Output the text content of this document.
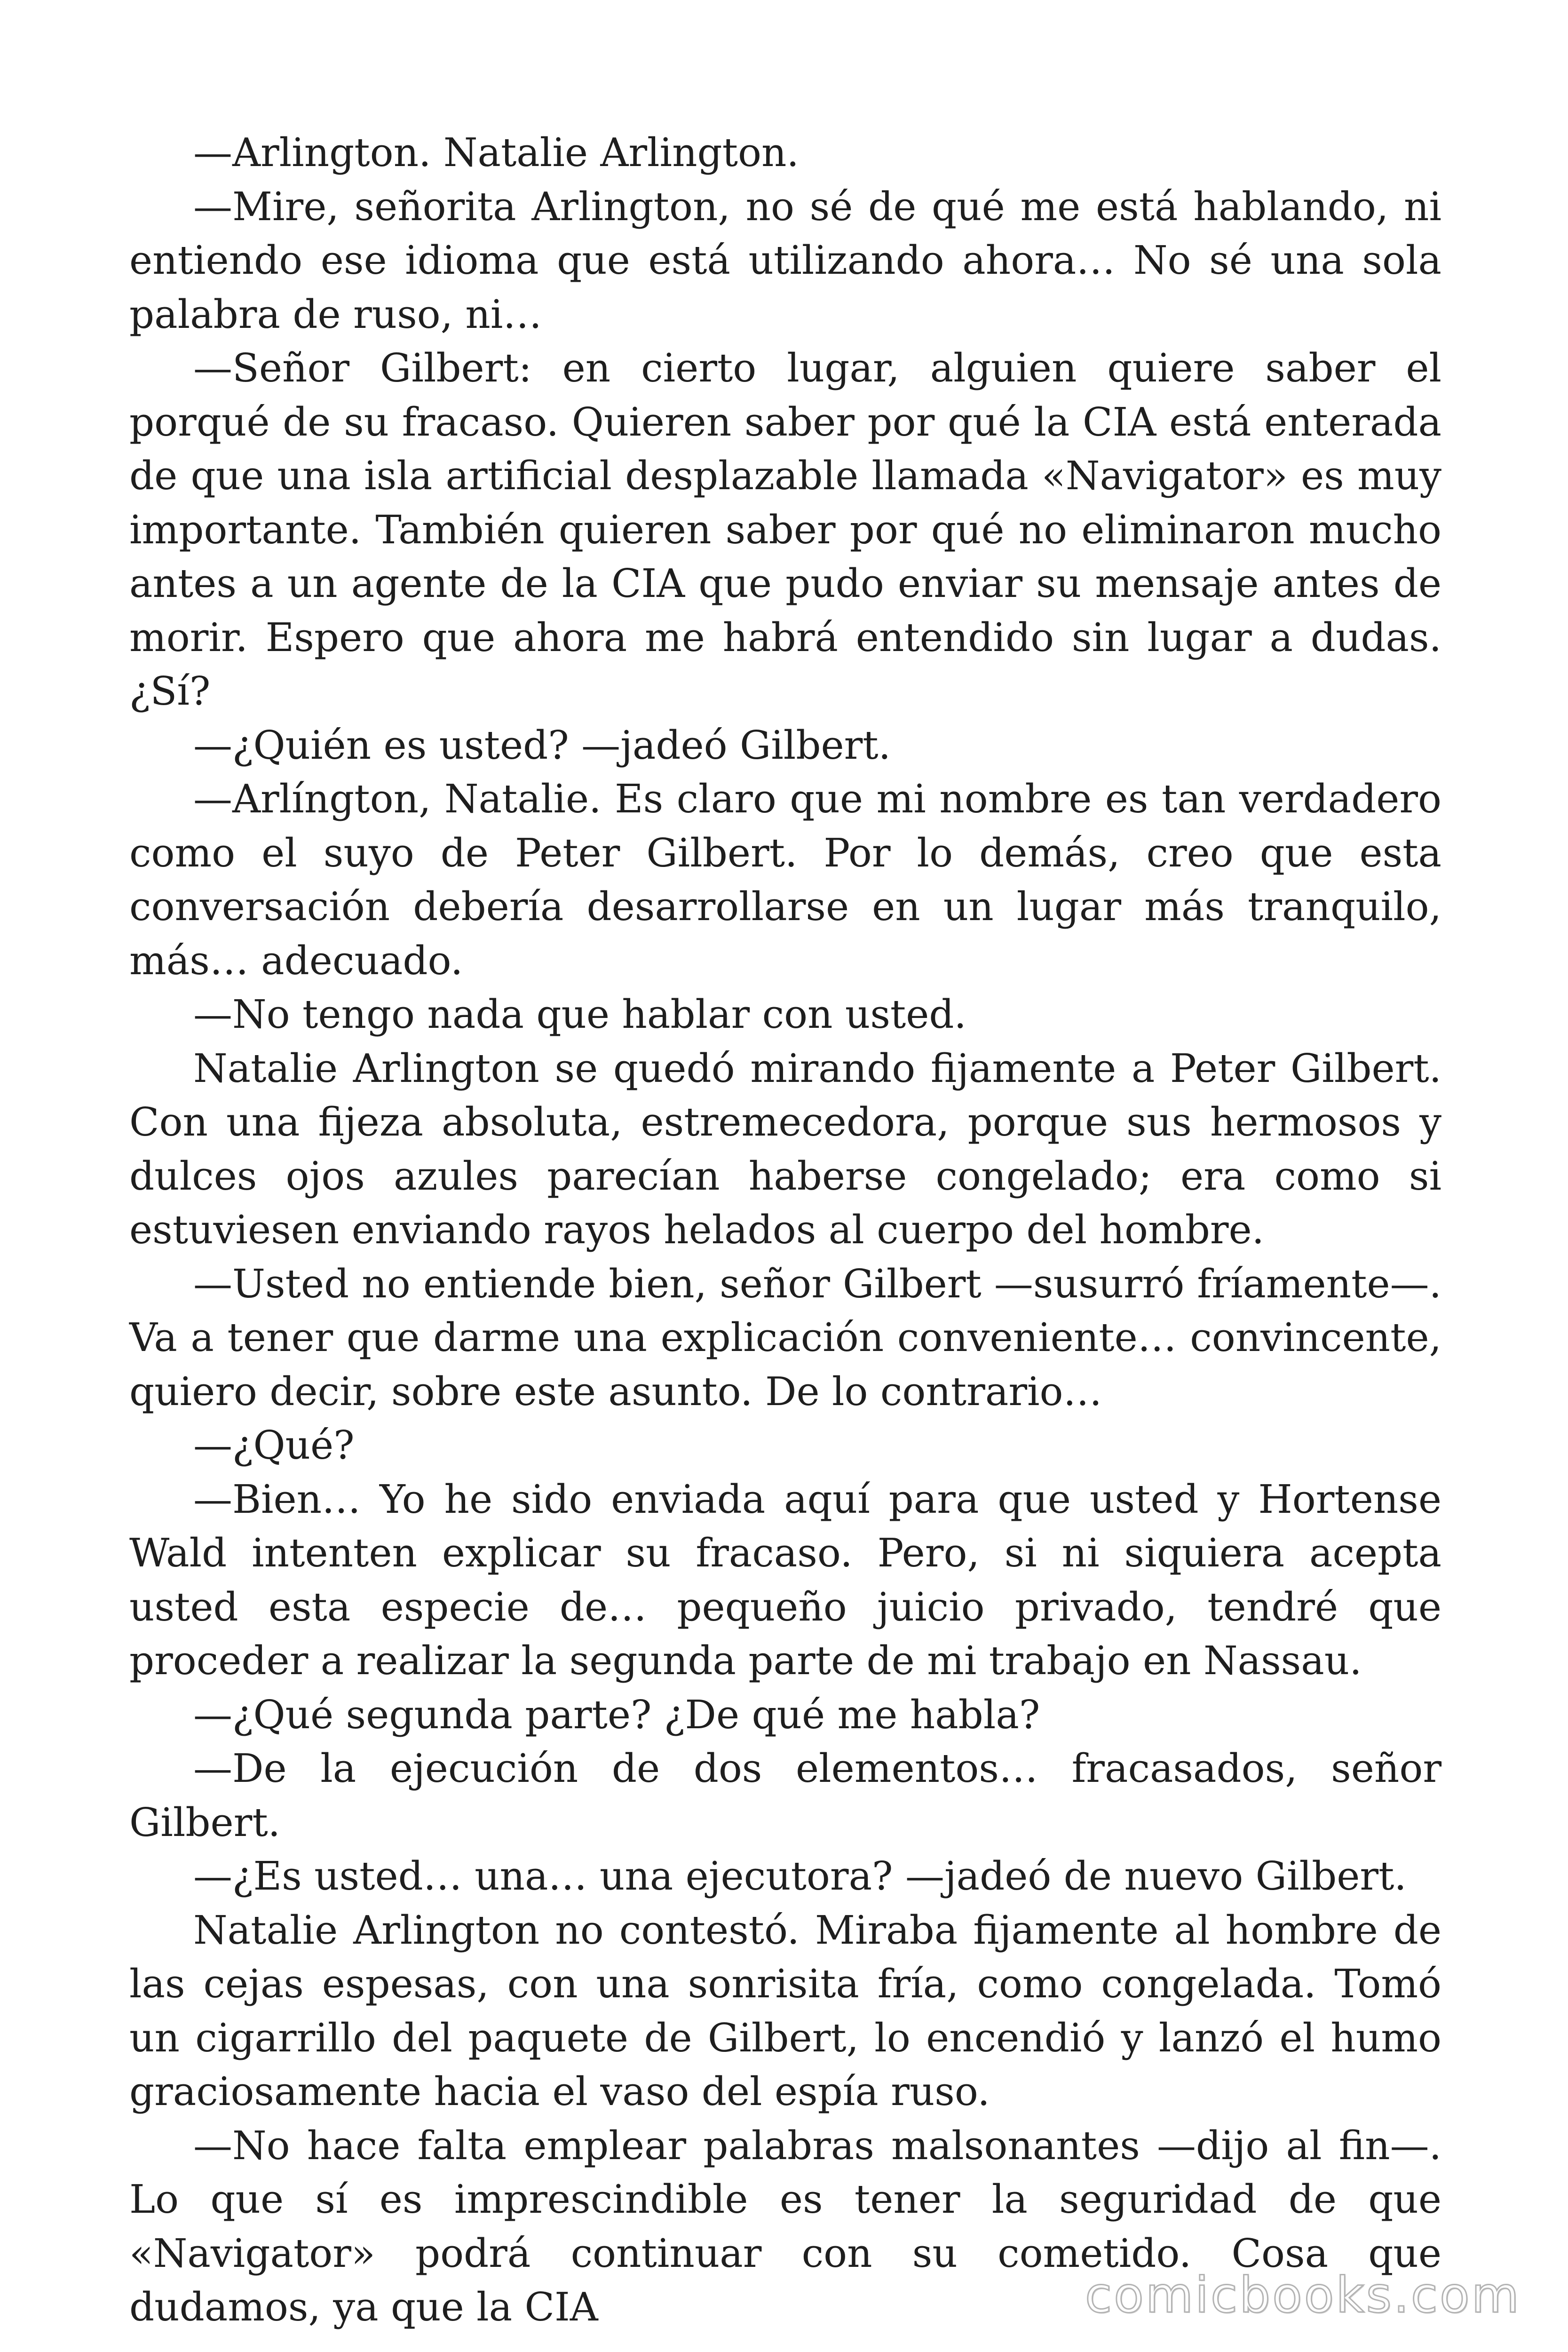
—Arlington. Natalie Arlington.

—Mire, señorita Arlington, no sé de qué me está hablando, ni entiendo ese idioma que está utilizando ahora… No sé una sola palabra de ruso, ni…

—Señor Gilbert: en cierto lugar, alguien quiere saber el porqué de su fracaso. Quieren saber por qué la CIA está enterada de que una isla artificial desplazable llamada «Navigator» es muy importante. También quieren saber por qué no eliminaron mucho antes a un agente de la CIA que pudo enviar su mensaje antes de morir. Espero que ahora me habrá entendido sin lugar a dudas. ¿Sí?

—¿Quién es usted? —jadeó Gilbert.

—Arlíngton, Natalie. Es claro que mi nombre es tan verdadero como el suyo de Peter Gilbert. Por lo demás, creo que esta conversación debería desarrollarse en un lugar más tranquilo, más… adecuado.

—No tengo nada que hablar con usted.

Natalie Arlington se quedó mirando fijamente a Peter Gilbert. Con una fijeza absoluta, estremecedora, porque sus hermosos y dulces ojos azules parecían haberse congelado; era como si estuviesen enviando rayos helados al cuerpo del hombre.

—Usted no entiende bien, señor Gilbert —susurró fríamente—. Va a tener que darme una explicación conveniente… convincente, quiero decir, sobre este asunto. De lo contrario…

—¿Qué?

—Bien… Yo he sido enviada aquí para que usted y Hortense Wald intenten explicar su fracaso. Pero, si ni siquiera acepta usted esta especie de… pequeño juicio privado, tendré que proceder a realizar la segunda parte de mi trabajo en Nassau.

—¿Qué segunda parte? ¿De qué me habla?

—De la ejecución de dos elementos… fracasados, señor Gilbert.

—¿Es usted… una… una ejecutora? —jadeó de nuevo Gilbert.

Natalie Arlington no contestó. Miraba fijamente al hombre de las cejas espesas, con una sonrisita fría, como congelada. Tomó un cigarrillo del paquete de Gilbert, lo encendió y lanzó el humo graciosamente hacia el vaso del espía ruso.

—No hace falta emplear palabras malsonantes —dijo al fin—. Lo que sí es imprescindible es tener la seguridad de que «Navigator» podrá continuar con su cometido. Cosa que dudamos, ya que la CIA	comicbooks.com
